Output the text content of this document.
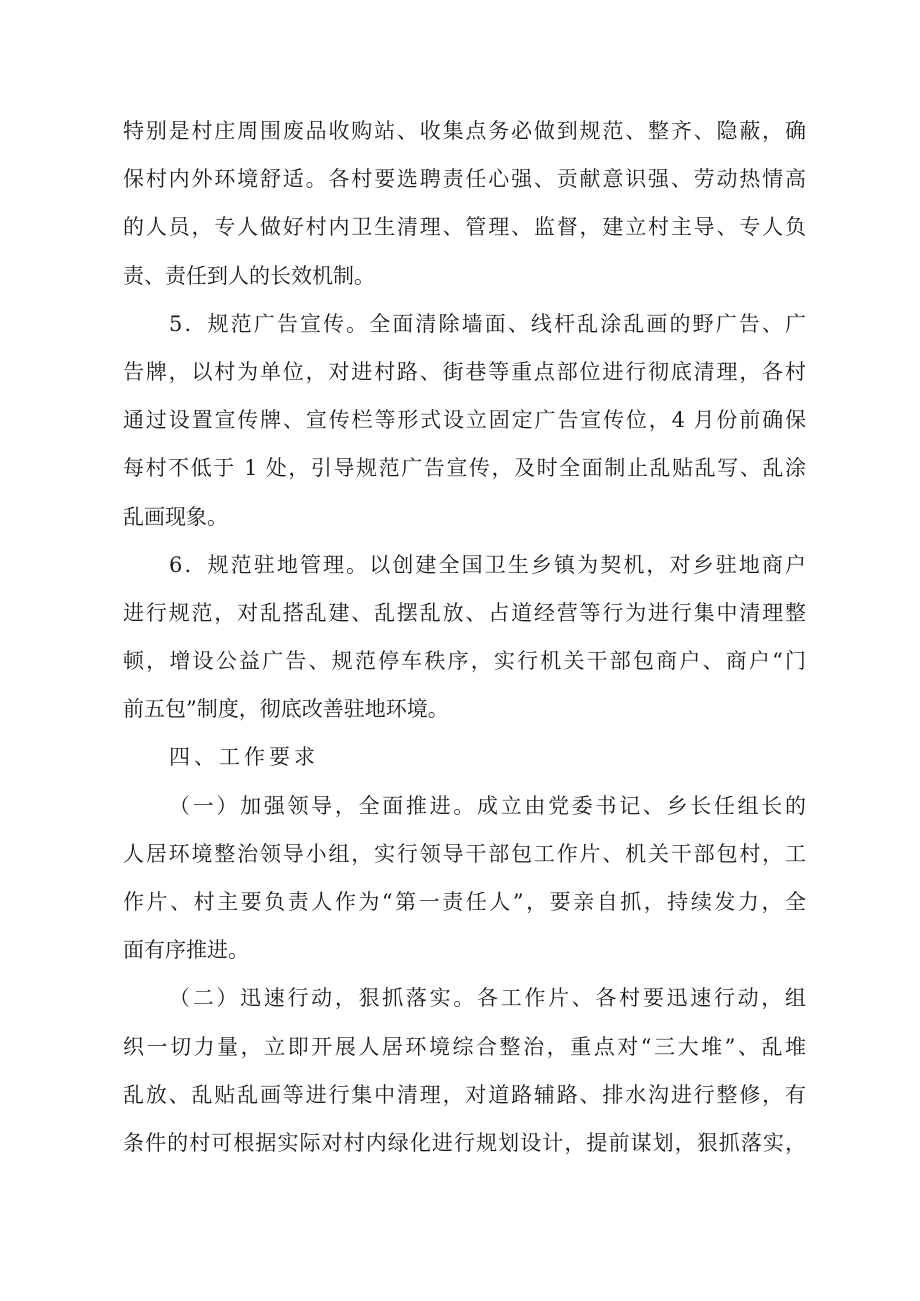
特别是村庄周围废品收购站、收集点务必做到规范、整齐、隐蔽，确
保村内外环境舒适。各村要选聘责任心强、贡献意识强、劳动热情高
的人员，专人做好村内卫生清理、管理、监督，建立村主导、专人负
责、责任到人的长效机制。
5．规范广告宣传。全面清除墙面、线杆乱涂乱画的野广告、广
告牌，以村为单位，对进村路、街巷等重点部位进行彻底清理，各村
通过设置宣传牌、宣传栏等形式设立固定广告宣传位，4 月份前确保
每村不低于 1 处，引导规范广告宣传，及时全面制止乱贴乱写、乱涂
乱画现象。
6．规范驻地管理。以创建全国卫生乡镇为契机，对乡驻地商户
进行规范，对乱搭乱建、乱摆乱放、占道经营等行为进行集中清理整
顿，增设公益广告、规范停车秩序，实行机关干部包商户、商户“门
前五包”制度，彻底改善驻地环境。
四、工作要求
（一）加强领导，全面推进。成立由党委书记、乡长任组长的
人居环境整治领导小组，实行领导干部包工作片、机关干部包村，工
作片、村主要负责人作为“第一责任人”，要亲自抓，持续发力，全
面有序推进。
（二）迅速行动，狠抓落实。各工作片、各村要迅速行动，组
织一切力量，立即开展人居环境综合整治，重点对“三大堆”、乱堆
乱放、乱贴乱画等进行集中清理，对道路辅路、排水沟进行整修，有
条件的村可根据实际对村内绿化进行规划设计，提前谋划，狠抓落实，
